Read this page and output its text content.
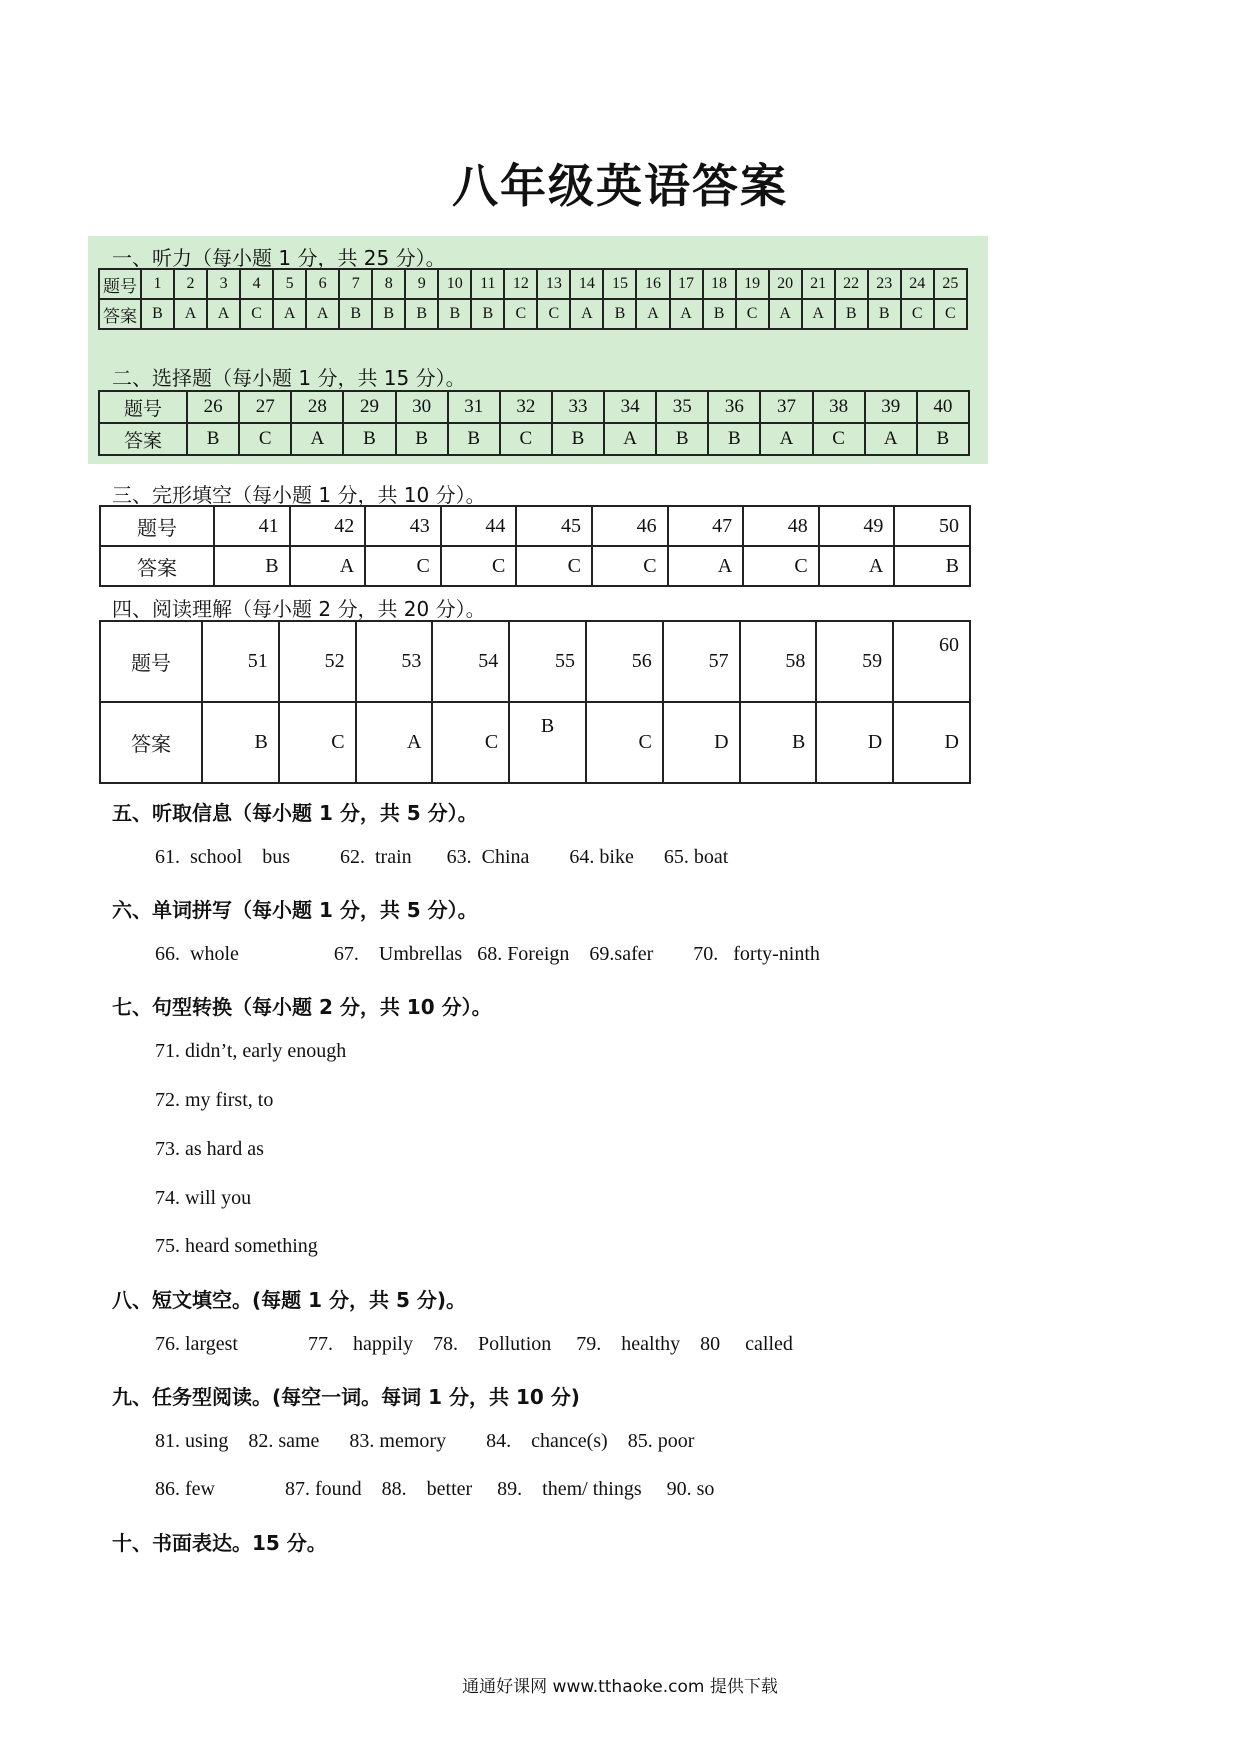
八年级英语答案
一、听力（每小题 1 分，共 25 分）。
题号	1	2	3	4	5	6	7	8	9	10	11	12	13	14	15	16	17	18	19	20	21	22	23	24	25
答案	B	A	A	C	A	A	B	B	B	B	B	C	C	A	B	A	A	B	C	A	A	B	B	C	C
二、选择题（每小题 1 分，共 15 分）。
题号	26	27	28	29	30	31	32	33	34	35	36	37	38	39	40
答案	B	C	A	B	B	B	C	B	A	B	B	A	C	A	B
三、完形填空（每小题 1 分，共 10 分）。
题号	41	42	43	44	45	46	47	48	49	50
答案	B	A	C	C	C	C	A	C	A	B
四、阅读理解（每小题 2 分，共 20 分）。
题号	51	52	53	54	55	56	57	58	59	60
答案	B	C	A	C	B	C	D	B	D	D
五、听取信息（每小题 1 分，共 5 分）。
61.  school    bus          62.  train       63.  China        64. bike      65. boat
六、单词拼写（每小题 1 分，共 5 分）。
66.  whole                   67.    Umbrellas   68. Foreign    69.safer        70.   forty-ninth
七、句型转换（每小题 2 分，共 10 分）。
71. didn’t, early enough
72. my first, to
73. as hard as
74. will you
75. heard something
八、短文填空。(每题 1 分，共 5 分)。
76. largest              77.    happily    78.    Pollution     79.    healthy    80     called
九、任务型阅读。(每空一词。每词 1 分，共 10 分)
81. using    82. same      83. memory        84.    chance(s)    85. poor
86. few              87. found    88.    better     89.    them/ things     90. so
十、书面表达。15 分。
通通好课网 www.tthaoke.com 提供下载
